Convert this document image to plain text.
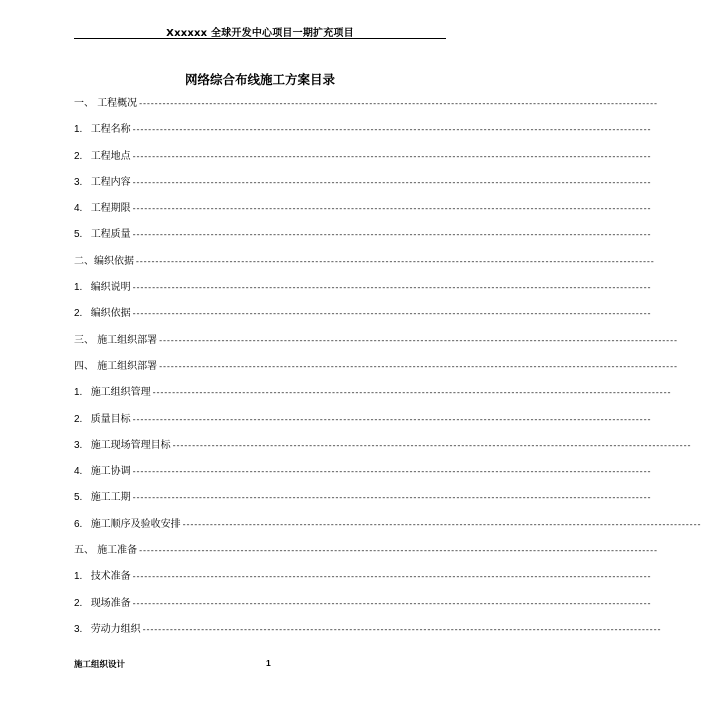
Xxxxxx 全球开发中心项目一期扩充项目
网络综合布线施工方案目录
一、 工程概况 -------------------------------------------------------------------------------------------------------------------------------------
1. 工程名称 -------------------------------------------------------------------------------------------------------------------------------------
2. 工程地点 -------------------------------------------------------------------------------------------------------------------------------------
3. 工程内容 -------------------------------------------------------------------------------------------------------------------------------------
4. 工程期限 -------------------------------------------------------------------------------------------------------------------------------------
5. 工程质量 -------------------------------------------------------------------------------------------------------------------------------------
二、 编织依据 -------------------------------------------------------------------------------------------------------------------------------------
1. 编织说明 -------------------------------------------------------------------------------------------------------------------------------------
2. 编织依据 -------------------------------------------------------------------------------------------------------------------------------------
三、 施工组织部署 -------------------------------------------------------------------------------------------------------------------------------------
四、 施工组织部署 -------------------------------------------------------------------------------------------------------------------------------------
1. 施工组织管理 -------------------------------------------------------------------------------------------------------------------------------------
2. 质量目标 -------------------------------------------------------------------------------------------------------------------------------------
3. 施工现场管理目标 -------------------------------------------------------------------------------------------------------------------------------------
4. 施工协调 -------------------------------------------------------------------------------------------------------------------------------------
5. 施工工期 -------------------------------------------------------------------------------------------------------------------------------------
6. 施工顺序及验收安排 -------------------------------------------------------------------------------------------------------------------------------------
五、 施工准备 -------------------------------------------------------------------------------------------------------------------------------------
1. 技术准备 -------------------------------------------------------------------------------------------------------------------------------------
2. 现场准备 -------------------------------------------------------------------------------------------------------------------------------------
3. 劳动力组织 -------------------------------------------------------------------------------------------------------------------------------------
施工组织设计	1
